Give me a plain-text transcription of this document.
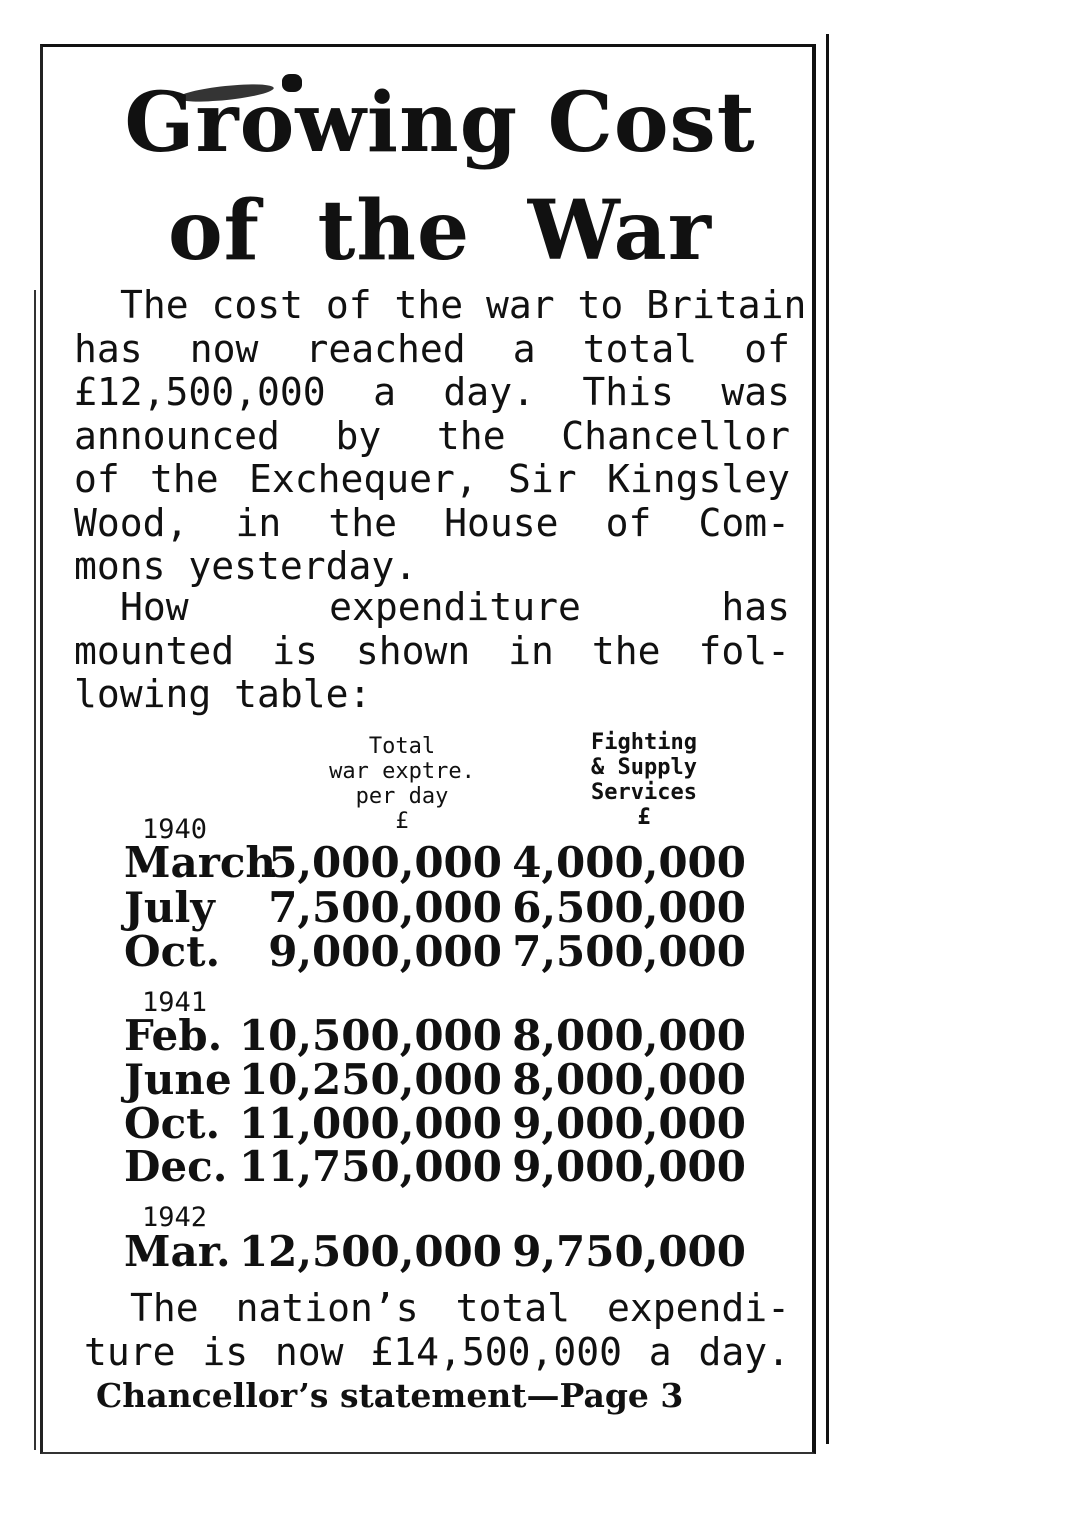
Growing Cost
of the War
The cost of the war to Britain
has now reached a total of
£12,500,000 a day. This was
announced by the Chancellor
of the Exchequer, Sir Kingsley
Wood, in the House of Com-
mons yesterday.
How expenditure has
mounted is shown in the fol-
lowing table:
Total
war exptre.
per day
£
Fighting
& Supply
Services
£
1940
1941
1942
March
5,000,000 4,000,000
July 7,500,000 6,500,000
Oct. 9,000,000 7,500,000
Feb. 10,500,000 8,000,000
June 10,250,000 8,000,000
Oct. 11,000,000 9,000,000
Dec. 11,750,000 9,000,000
Mar. 12,500,000 9,750,000
The nation’s total expendi-
ture is now £14,500,000 a day.
Chancellor’s statement—Page 3
